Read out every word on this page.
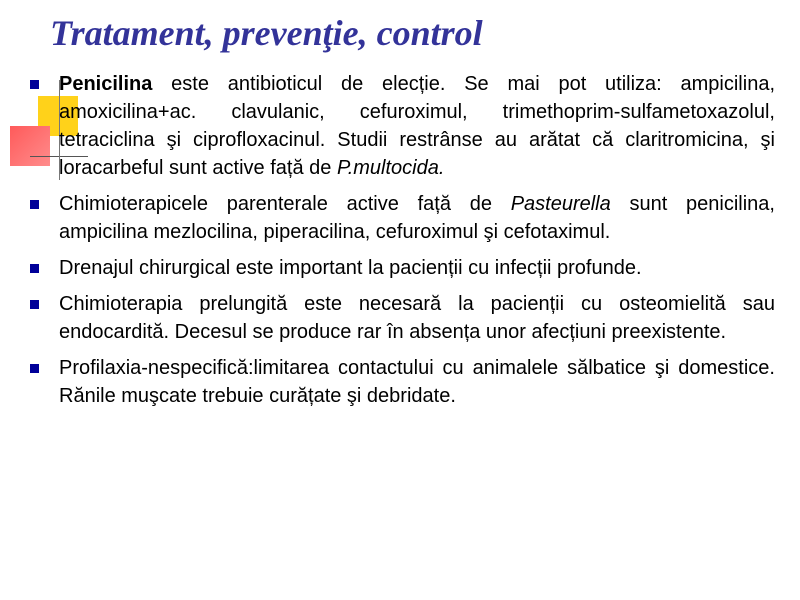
Tratament, prevenţie, control
Penicilina este antibioticul de elecție. Se mai pot utiliza: ampicilina, amoxicilina+ac. clavulanic, cefuroximul, trimethoprim-sulfametoxazolul, tetraciclina şi ciprofloxacinul. Studii restrânse au arătat că claritromicina, şi loracarbeful sunt active față de P.multocida.
Chimioterapicele parenterale active față de Pasteurella sunt penicilina, ampicilina mezlocilina, piperacilina, cefuroximul şi cefotaximul.
Drenajul chirurgical este important la pacienții cu infecții profunde.
Chimioterapia prelungită este necesară la pacienții cu osteomielită sau endocardită. Decesul se produce rar în absența unor afecțiuni preexistente.
Profilaxia-nespecifică:limitarea contactului cu animalele sălbatice şi domestice. Rănile muşcate trebuie curățate şi debridate.
